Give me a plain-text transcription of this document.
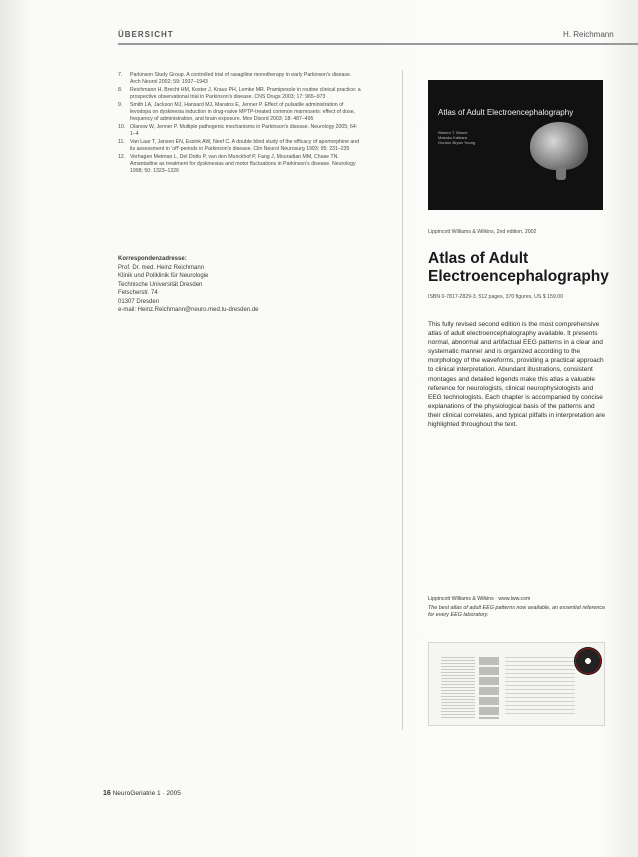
ÜBERSICHT	H. Reichmann
7. Parkinson Study Group. A controlled trial of rasagiline monotherapy in early Parkinson's disease. Arch Neurol 2002; 59: 1937–1943
8. Reichmann H, Brecht HM, Koster J, Kraus PH, Lemke MR. Pramipexole in routine clinical practice: a prospective observational trial in Parkinson's disease. CNS Drugs 2003; 17: 965–973
9. Smith LA, Jackson MJ, Hansard MJ, Maratos E, Jenner P. Effect of pulsatile administration of levodopa on dyskinesia induction in drug-naive MPTP-treated common marmosets: effect of dose, frequency of administration, and brain exposure. Mov Disord 2003; 18: 487–495
10. Olanow W, Jenner P. Multiple pathogenic mechanisms in Parkinson's disease. Neurology 2005; 64: 1–4
11. Van Laar T, Jansen EN, Essink AW, Neef C. A double blind study of the efficacy of apomorphine and its assessment in 'off'-periods in Parkinson's disease. Clin Neurol Neurosurg 1993; 95: 231–235
12. Verhagen Metman L, Del Dotto P, van den Munckhof P, Fang J, Mouradian MM, Chase TN. Amantadine as treatment for dyskinesias and motor fluctuations in Parkinson's disease. Neurology 1998; 50: 1323–1326
Korrespondenzadresse:
Prof. Dr. med. Heinz Reichmann
Klinik und Poliklinik für Neurologie
Technische Universität Dresden
Fetscherstr. 74
01307 Dresden
e-mail: Heinz.Reichmann@neuro.med.tu-dresden.de
Atlas of Adult Electroencephalography
Warren T. Blume
Masako Kaibara
Gordon Bryan Young
Lippincott Williams & Wilkins, 2nd edition, 2002
Atlas of Adult Electroencephalography
ISBN 0-7817-2829-3, 512 pages, 370 figures, US $ 159.00
This fully revised second edition is the most comprehensive atlas of adult electroencephalography available. It presents normal, abnormal and artifactual EEG patterns in a clear and systematic manner and is organized according to the morphology of the waveforms, providing a practical approach to clinical interpretation. Abundant illustrations, consistent montages and detailed legends make this atlas a valuable reference for neurologists, clinical neurophysiologists and EEG technologists. Each chapter is accompanied by concise explanations of the physiological basis of the patterns and their clinical correlates, and typical pitfalls in interpretation are highlighted throughout the text.
Lippincott Williams & Wilkins · www.lww.com
The best atlas of adult EEG patterns now available, an essential reference for every EEG laboratory.
16 NeuroGeriatrie 1 · 2005
